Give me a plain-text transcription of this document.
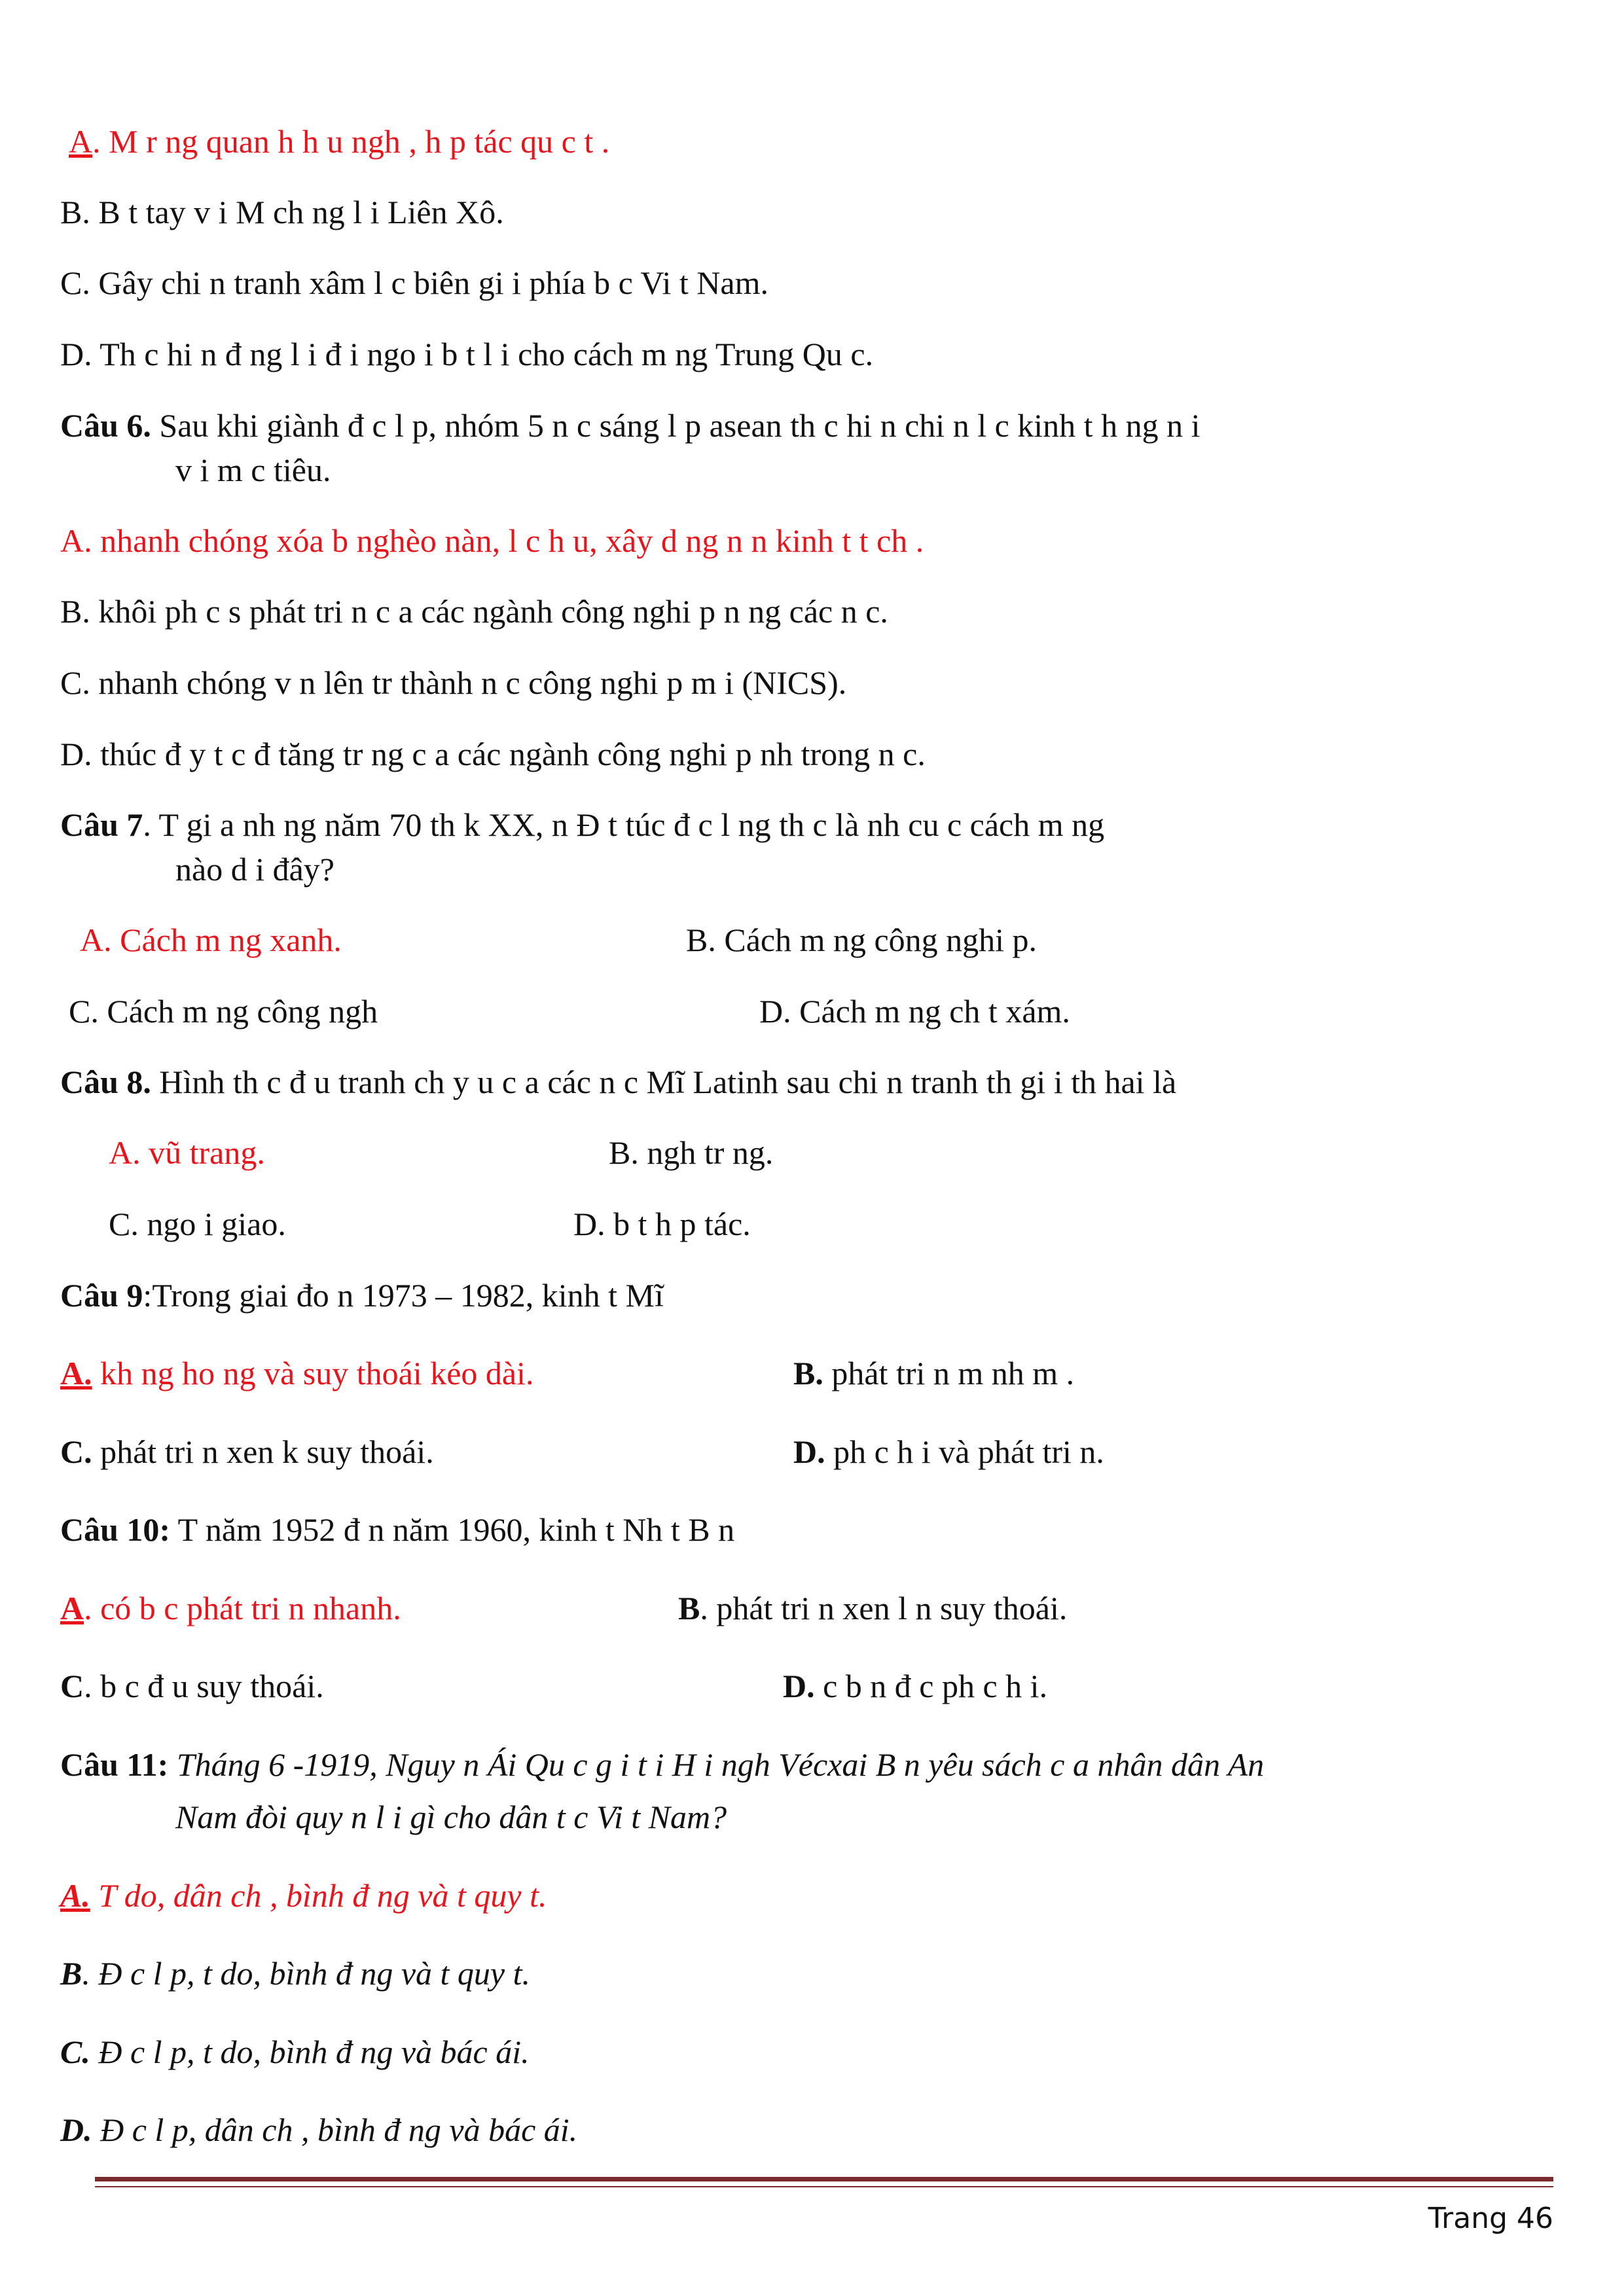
A. M r ng quan h h u ngh , h p tác qu c t .
B. B t tay v i M ch ng l i Liên Xô.
C. Gây chi n tranh xâm l c biên gi i phía b c Vi t Nam.
D. Th c hi n đ ng l i đ i ngo i b t l i cho cách m ng Trung Qu c.
Câu 6. Sau khi giành đ c l p, nhóm 5 n c sáng l p asean th c hi n chi n l c kinh t h ng n i
v i m c tiêu.
A. nhanh chóng xóa b nghèo nàn, l c h u, xây d ng n n kinh t t ch .
B. khôi ph c s phát tri n c a các ngành công nghi p n ng các n c.
C. nhanh chóng v n lên tr thành n c công nghi p m i (NICS).
D. thúc đ y t c đ tăng tr ng c a các ngành công nghi p nh trong n c.
Câu 7. T gi a nh ng năm 70 th k XX, n Đ t túc đ c l ng th c là nh cu c cách m ng
nào d i đây?
A. Cách m ng xanh.	B. Cách m ng công nghi p.
C. Cách m ng công ngh	D. Cách m ng ch t xám.
Câu 8. Hình th c đ u tranh ch y u c a các n c Mĩ Latinh sau chi n tranh th gi i th hai là
A. vũ trang.	B. ngh tr ng.
C. ngo i giao.	D. b t h p tác.
Câu 9:Trong giai đo n 1973 – 1982, kinh t Mĩ
A. kh ng ho ng và suy thoái kéo dài.	B. phát tri n m nh m .
C. phát tri n xen k suy thoái.	D. ph c h i và phát tri n.
Câu 10: T năm 1952 đ n năm 1960, kinh t Nh t B n
A. có b c phát tri n nhanh.	B. phát tri n xen l n suy thoái.
C. b c đ u suy thoái.	D. c b n đ c ph c h i.
Câu 11: Tháng 6 -1919, Nguy n Ái Qu c g i t i H i ngh Vécxai B n yêu sách c a nhân dân An
Nam đòi quy n l i gì cho dân t c Vi t Nam?
A. T do, dân ch , bình đ ng và t quy t.
B. Đ c l p, t do, bình đ ng và t quy t.
C. Đ c l p, t do, bình đ ng và bác ái.
D. Đ c l p, dân ch , bình đ ng và bác ái.
Trang 46
